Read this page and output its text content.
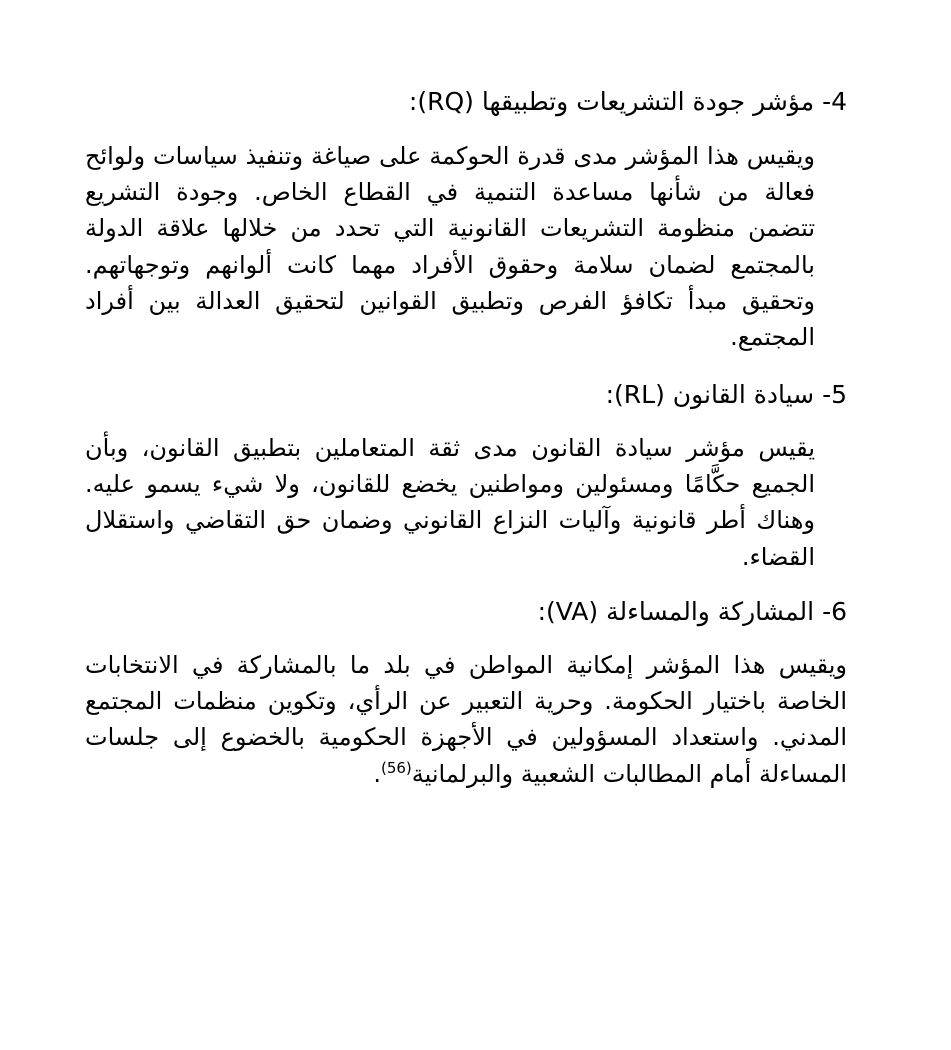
4- مؤشر جودة التشريعات وتطبيقها (RQ):
ويقيس هذا المؤشر مدى قدرة الحوكمة على صياغة وتنفيذ سياسات ولوائح فعالة من شأنها مساعدة التنمية في القطاع الخاص. وجودة التشريع تتضمن منظومة التشريعات القانونية التي تحدد من خلالها علاقة الدولة بالمجتمع لضمان سلامة وحقوق الأفراد مهما كانت ألوانهم وتوجهاتهم. وتحقيق مبدأ تكافؤ الفرص وتطبيق القوانين لتحقيق العدالة بين أفراد المجتمع.
5- سيادة القانون (RL):
يقيس مؤشر سيادة القانون مدى ثقة المتعاملين بتطبيق القانون، وبأن الجميع حكَّامًا ومسئولين ومواطنين يخضع للقانون، ولا شيء يسمو عليه. وهناك أطر قانونية وآليات النزاع القانوني وضمان حق التقاضي واستقلال القضاء.
6- المشاركة والمساءلة (VA):
ويقيس هذا المؤشر إمكانية المواطن في بلد ما بالمشاركة في الانتخابات الخاصة باختيار الحكومة. وحرية التعبير عن الرأي، وتكوين منظمات المجتمع المدني. واستعداد المسؤولين في الأجهزة الحكومية بالخضوع إلى جلسات المساءلة أمام المطالبات الشعبية والبرلمانية$^{(56)}$.
